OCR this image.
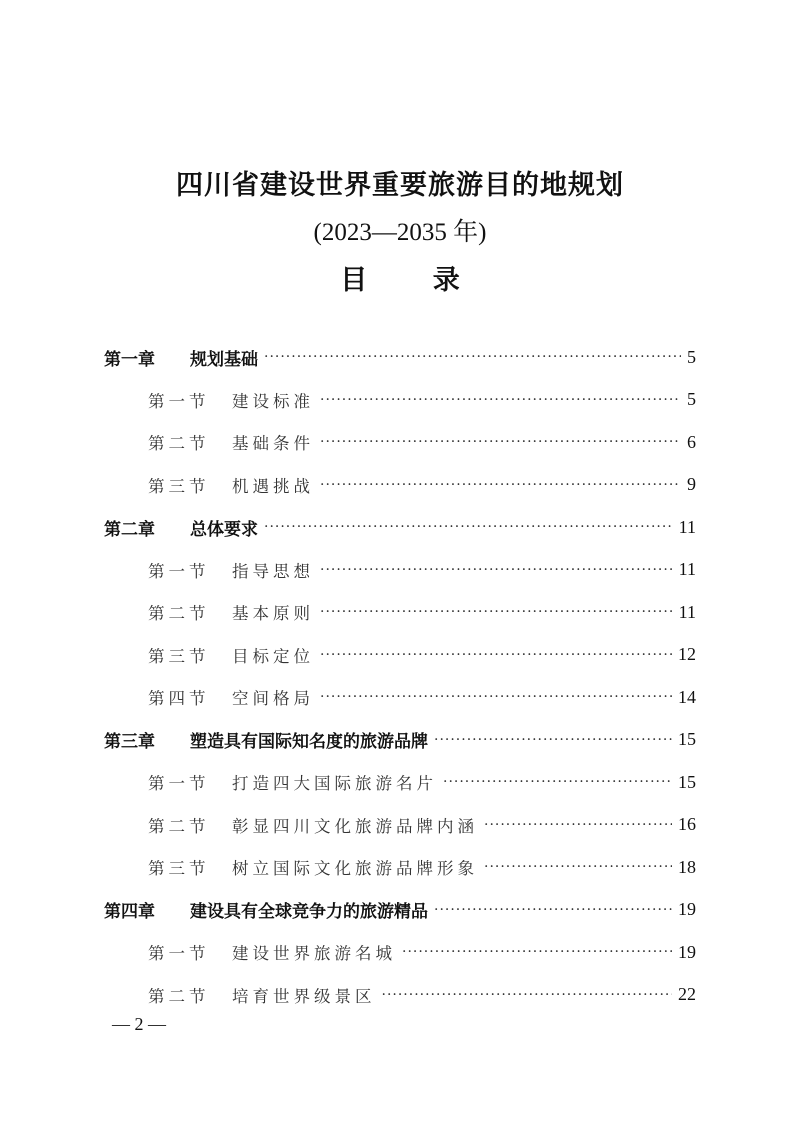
四川省建设世界重要旅游目的地规划
(2023—2035 年)
目 录
第一章	规划基础 ·····	5
第一节	建设标准 ·····	5
第二节	基础条件 ·····	6
第三节	机遇挑战 ·····	9
第二章	总体要求 ·····	11
第一节	指导思想 ·····	11
第二节	基本原则 ·····	11
第三节	目标定位 ·····	12
第四节	空间格局 ·····	14
第三章	塑造具有国际知名度的旅游品牌 ·····	15
第一节	打造四大国际旅游名片 ·····	15
第二节	彰显四川文化旅游品牌内涵 ·····	16
第三节	树立国际文化旅游品牌形象 ·····	18
第四章	建设具有全球竞争力的旅游精品 ·····	19
第一节	建设世界旅游名城 ·····	19
第二节	培育世界级景区 ·····	22
— 2 —
